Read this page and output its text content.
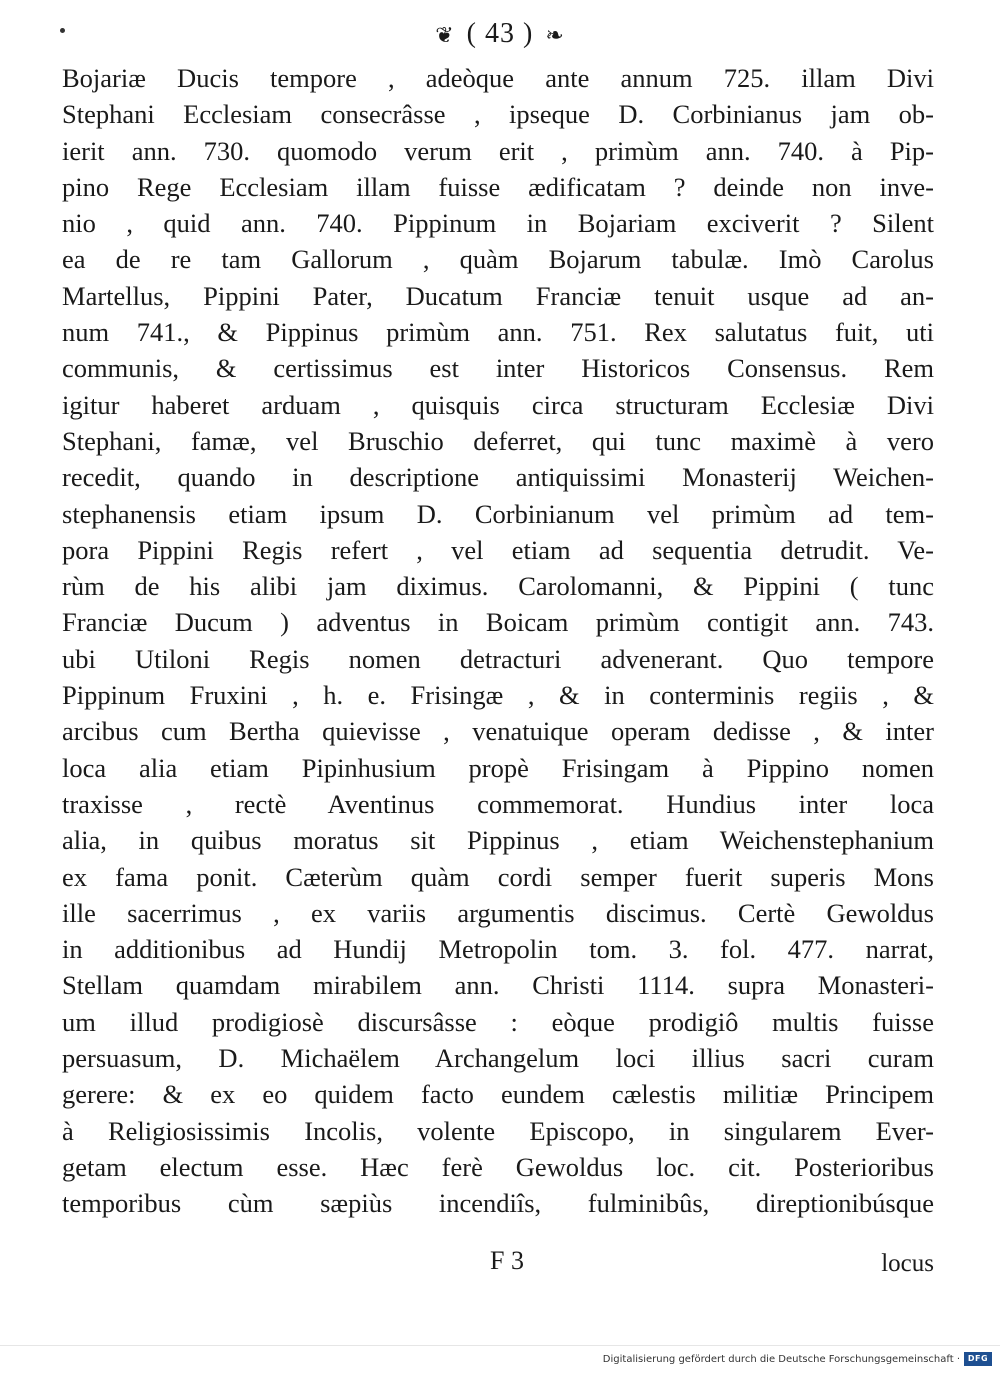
❦ ( 43 ) ❧
Bojariæ Ducis tempore , adeòque ante annum 725. illam Divi
Stephani Ecclesiam consecrâsse , ipseque D. Corbinianus jam ob-
ierit ann. 730. quomodo verum erit , primùm ann. 740. à Pip-
pino Rege Ecclesiam illam fuisse ædificatam ? deinde non inve-
nio , quid ann. 740. Pippinum in Bojariam exciverit ? Silent
ea de re tam Gallorum , quàm Bojarum tabulæ. Imò Carolus
Martellus, Pippini Pater, Ducatum Franciæ tenuit usque ad an-
num 741., & Pippinus primùm ann. 751. Rex salutatus fuit, uti
communis, & certissimus est inter Historicos Consensus. Rem
igitur haberet arduam , quisquis circa structuram Ecclesiæ Divi
Stephani, famæ, vel Bruschio deferret, qui tunc maximè à vero
recedit, quando in descriptione antiquissimi Monasterij Weichen-
stephanensis etiam ipsum D. Corbinianum vel primùm ad tem-
pora Pippini Regis refert , vel etiam ad sequentia detrudit. Ve-
rùm de his alibi jam diximus. Carolomanni, & Pippini ( tunc
Franciæ Ducum ) adventus in Boicam primùm contigit ann. 743.
ubi Utiloni Regis nomen detracturi advenerant. Quo tempore
Pippinum Fruxini , h. e. Frisingæ , & in conterminis regiis , &
arcibus cum Bertha quievisse , venatuique operam dedisse , & inter
loca alia etiam Pipinhusium propè Frisingam à Pippino nomen
traxisse , rectè Aventinus commemorat. Hundius inter loca
alia, in quibus moratus sit Pippinus , etiam Weichenstephanium
ex fama ponit. Cæterùm quàm cordi semper fuerit superis Mons
ille sacerrimus , ex variis argumentis discimus. Certè Gewoldus
in additionibus ad Hundij Metropolin tom. 3. fol. 477. narrat,
Stellam quamdam mirabilem ann. Christi 1114. supra Monasteri-
um illud prodigiosè discursâsse : eòque prodigiô multis fuisse
persuasum, D. Michaëlem Archangelum loci illius sacri curam
gerere: & ex eo quidem facto eundem cælestis militiæ Principem
à Religiosissimis Incolis, volente Episcopo, in singularem Ever-
getam electum esse. Hæc ferè Gewoldus loc. cit. Posterioribus
temporibus cùm sæpiùs incendiîs, fulminibûs, direptionibúsque
F 3	locus
Digitalisierung gefördert durch die Deutsche Forschungsgemeinschaft · DFG
